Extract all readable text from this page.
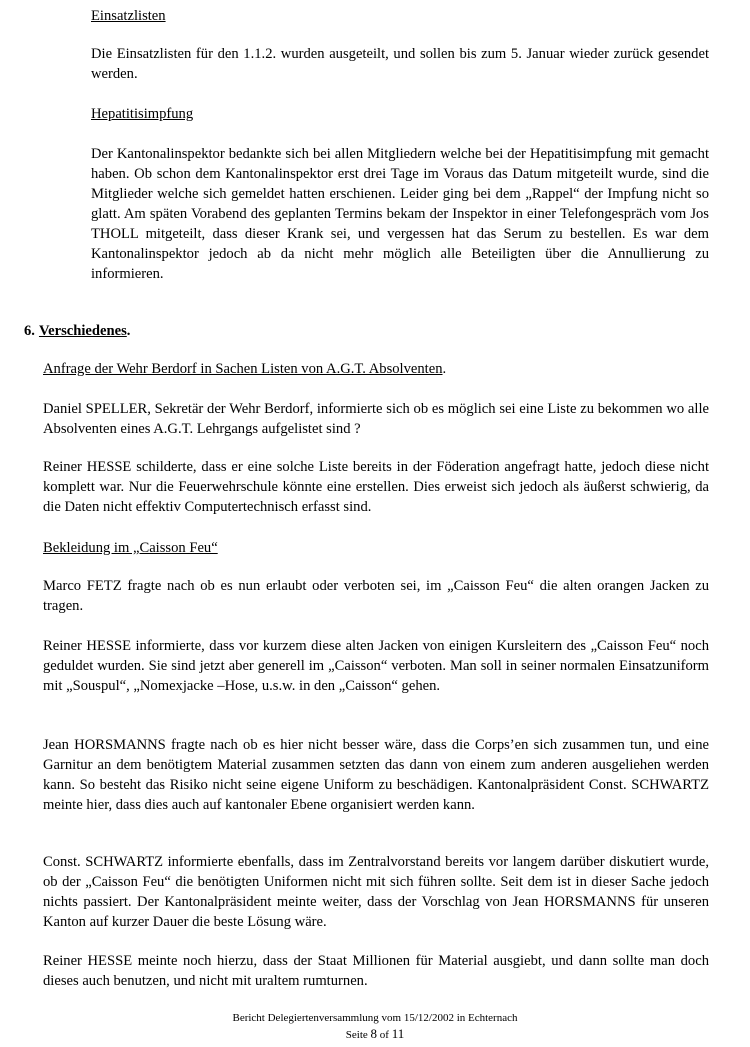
Einsatzlisten

Die Einsatzlisten für den 1.1.2. wurden ausgeteilt, und sollen bis zum 5. Januar wieder zurück gesendet werden.

Hepatitisimpfung

Der Kantonalinspektor bedankte sich bei allen Mitgliedern welche bei der Hepatitisimpfung mit gemacht haben. Ob schon dem Kantonalinspektor erst drei Tage im Voraus das Datum mitgeteilt wurde, sind die Mitglieder welche sich gemeldet hatten erschienen. Leider ging bei dem „Rappel“ der Impfung nicht so glatt. Am späten Vorabend des geplanten Termins bekam der Inspektor in einer Telefongespräch vom Jos THOLL mitgeteilt, dass dieser Krank sei, und vergessen hat das Serum zu bestellen. Es war dem Kantonalinspektor jedoch ab da nicht mehr möglich alle Beteiligten über die Annullierung zu informieren.

6. Verschiedenes.

Anfrage der Wehr Berdorf in Sachen Listen von A.G.T. Absolventen.

Daniel SPELLER, Sekretär der Wehr Berdorf, informierte sich ob es möglich sei eine Liste zu bekommen wo alle Absolventen eines A.G.T. Lehrgangs aufgelistet sind ?

Reiner HESSE schilderte, dass er eine solche Liste bereits in der Föderation angefragt hatte, jedoch diese nicht komplett war. Nur die Feuerwehrschule könnte eine erstellen. Dies erweist sich jedoch als äußerst schwierig, da die Daten nicht effektiv Computertechnisch erfasst sind.

Bekleidung im „Caisson Feu“

Marco FETZ fragte nach ob es nun erlaubt oder verboten sei, im „Caisson Feu“ die alten orangen Jacken zu tragen.

Reiner HESSE informierte, dass vor kurzem diese alten Jacken von einigen Kursleitern des „Caisson Feu“ noch geduldet wurden. Sie sind jetzt aber generell im „Caisson“ verboten. Man soll in seiner normalen Einsatzuniform mit „Souspul“, „Nomexjacke –Hose, u.s.w. in den „Caisson“ gehen.

Jean HORSMANNS fragte nach ob es hier nicht besser wäre, dass die Corps’en sich zusammen tun, und eine Garnitur an dem benötigtem Material zusammen setzten das dann von einem zum anderen ausgeliehen werden kann. So besteht das Risiko nicht seine eigene Uniform zu beschädigen. Kantonalpräsident Const. SCHWARTZ meinte hier, dass dies auch auf kantonaler Ebene organisiert werden kann.

Const. SCHWARTZ informierte ebenfalls, dass im Zentralvorstand bereits vor langem darüber diskutiert wurde, ob der „Caisson Feu“ die benötigten Uniformen nicht mit sich führen sollte. Seit dem ist in dieser Sache jedoch nichts passiert. Der Kantonalpräsident meinte weiter, dass der Vorschlag von Jean HORSMANNS für unseren Kanton auf kurzer Dauer die beste Lösung wäre.

Reiner HESSE meinte noch hierzu, dass der Staat Millionen für Material ausgiebt, und dann sollte man doch dieses auch benutzen, und nicht mit uraltem rumturnen.

Bericht Delegiertenversammlung vom 15/12/2002 in Echternach
Seite 8 of 11
